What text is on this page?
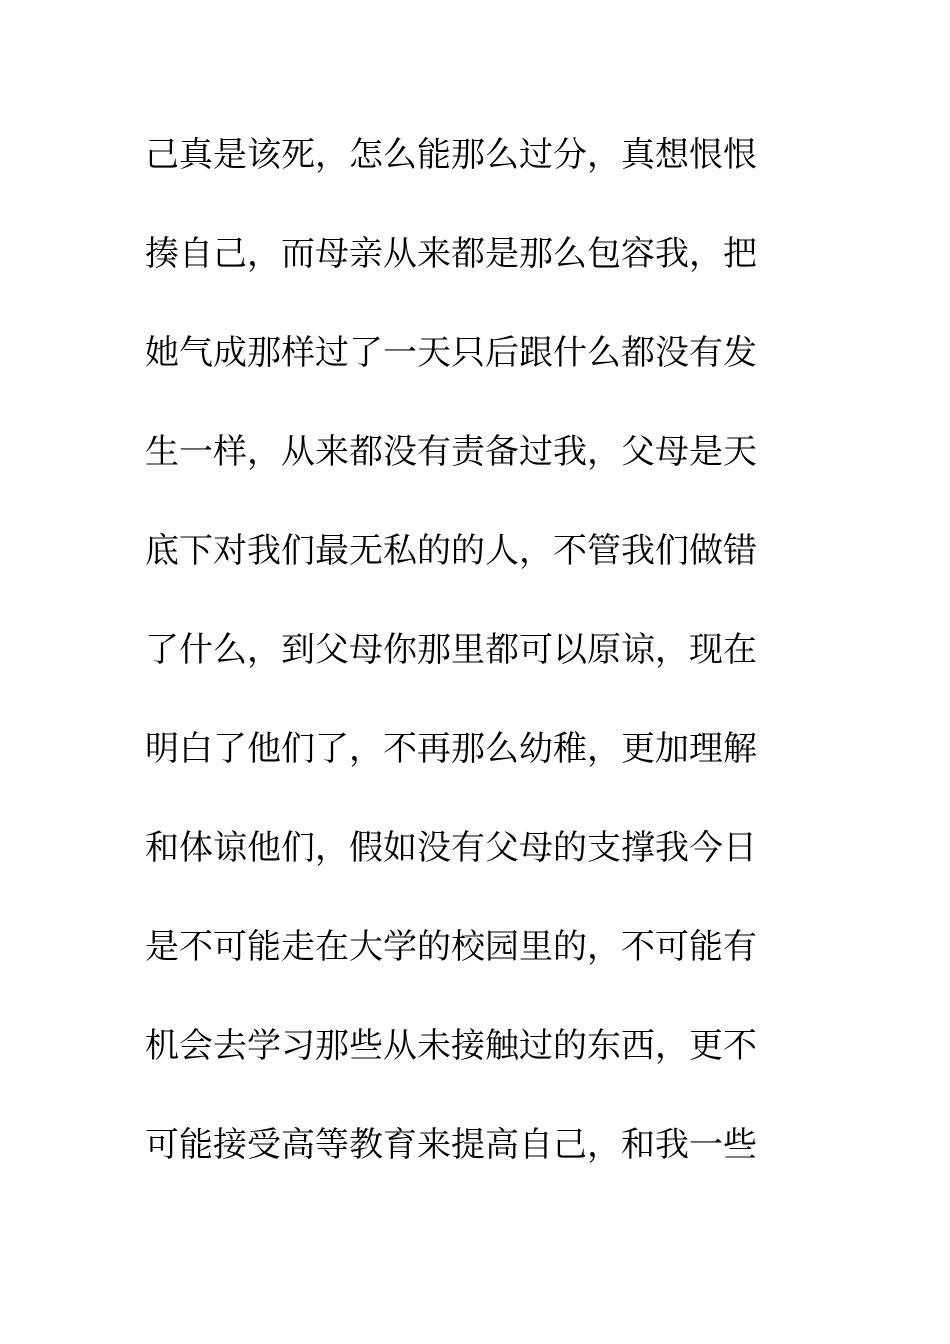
己真是该死，怎么能那么过分，真想恨恨
揍自己，而母亲从来都是那么包容我，把
她气成那样过了一天只后跟什么都没有发
生一样，从来都没有责备过我，父母是天
底下对我们最无私的的人，不管我们做错
了什么，到父母你那里都可以原谅，现在
明白了他们了，不再那么幼稚，更加理解
和体谅他们，假如没有父母的支撑我今日
是不可能走在大学的校园里的，不可能有
机会去学习那些从未接触过的东西，更不
可能接受高等教育来提高自己，和我一些
